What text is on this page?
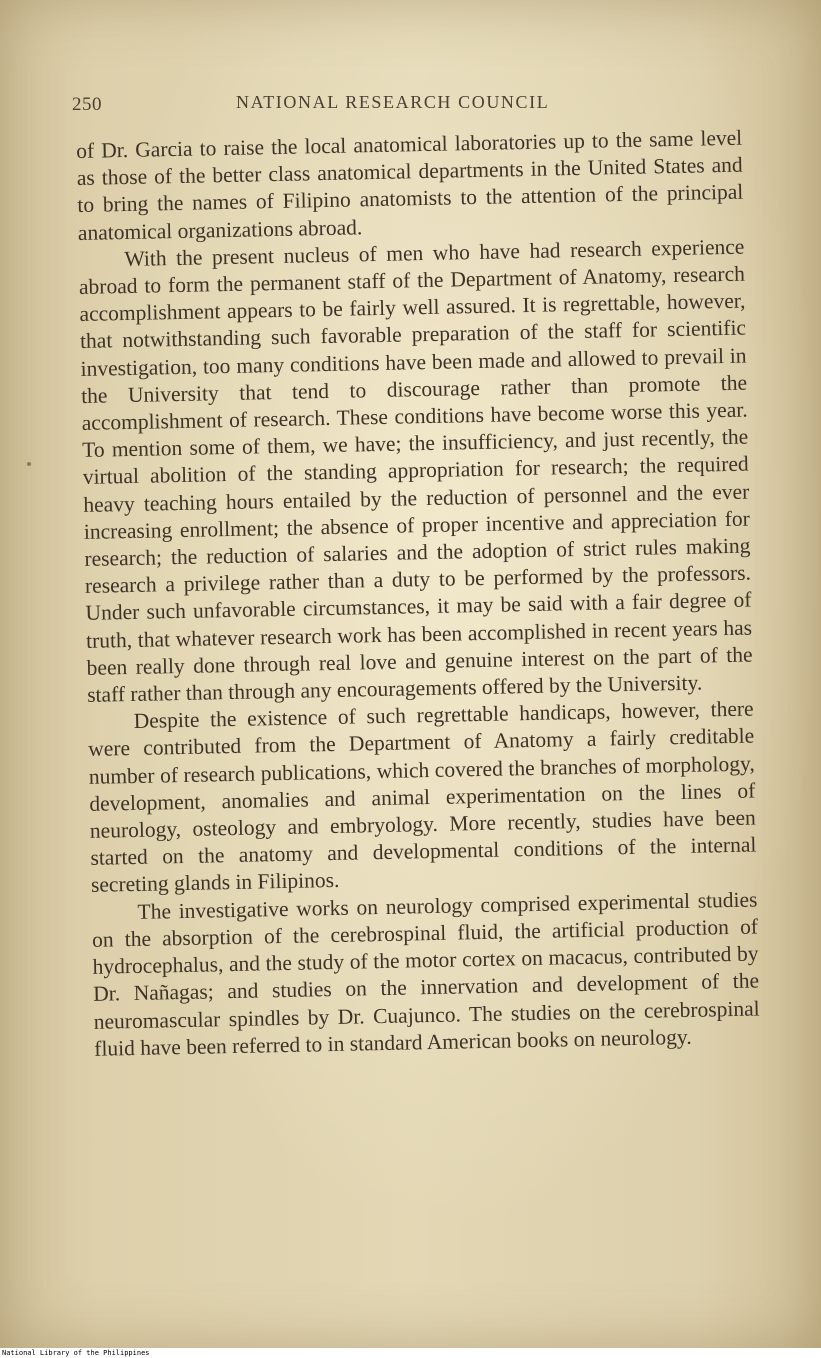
250	NATIONAL RESEARCH COUNCIL

of Dr. Garcia to raise the local anatomical laboratories up to the same level as those of the better class anatomical departments in the United States and to bring the names of Filipino anatomists to the attention of the principal anatomical organizations abroad.

With the present nucleus of men who have had research experience abroad to form the permanent staff of the Department of Anatomy, research accomplishment appears to be fairly well assured. It is regrettable, however, that notwithstanding such favorable preparation of the staff for scientific investigation, too many conditions have been made and allowed to prevail in the University that tend to discourage rather than promote the accomplishment of research. These conditions have become worse this year. To mention some of them, we have; the insufficiency, and just recently, the virtual abolition of the standing appropriation for research; the required heavy teaching hours entailed by the reduction of personnel and the ever increasing enrollment; the absence of proper incentive and appreciation for research; the reduction of salaries and the adoption of strict rules making research a privilege rather than a duty to be performed by the professors. Under such unfavorable circumstances, it may be said with a fair degree of truth, that whatever research work has been accomplished in recent years has been really done through real love and genuine interest on the part of the staff rather than through any encouragements offered by the University.

Despite the existence of such regrettable handicaps, however, there were contributed from the Department of Anatomy a fairly creditable number of research publications, which covered the branches of morphology, development, anomalies and animal experimentation on the lines of neurology, osteology and embryology. More recently, studies have been started on the anatomy and developmental conditions of the internal secreting glands in Filipinos.

The investigative works on neurology comprised experimental studies on the absorption of the cerebrospinal fluid, the artificial production of hydrocephalus, and the study of the motor cortex on macacus, contributed by Dr. Nañagas; and studies on the innervation and development of the neuromascular spindles by Dr. Cuajunco. The studies on the cerebrospinal fluid have been referred to in standard American books on neurology.

National Library of the Philippines
